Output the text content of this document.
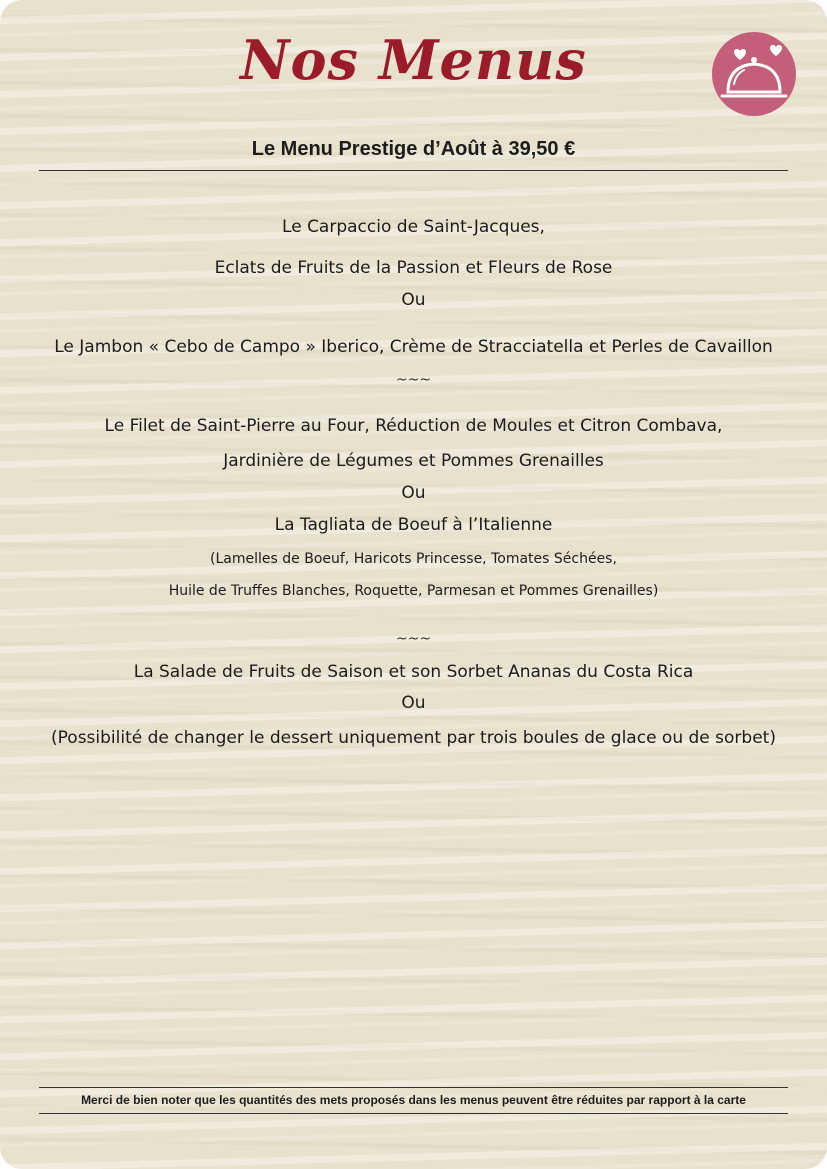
Nos Menus
Le Menu Prestige d’Août à 39,50 €
Le Carpaccio de Saint-Jacques,
Eclats de Fruits de la Passion et Fleurs de Rose
Ou
Le Jambon « Cebo de Campo » Iberico, Crème de Stracciatella et Perles de Cavaillon
~~~
Le Filet de Saint-Pierre au Four, Réduction de Moules et Citron Combava,
Jardinière de Légumes et Pommes Grenailles
Ou
La Tagliata de Boeuf à l’Italienne
(Lamelles de Boeuf, Haricots Princesse, Tomates Séchées,
Huile de Truffes Blanches, Roquette, Parmesan et Pommes Grenailles)
~~~
La Salade de Fruits de Saison et son Sorbet Ananas du Costa Rica
Ou
(Possibilité de changer le dessert uniquement par trois boules de glace ou de sorbet)
Merci de bien noter que les quantités des mets proposés dans les menus peuvent être réduites par rapport à la carte
